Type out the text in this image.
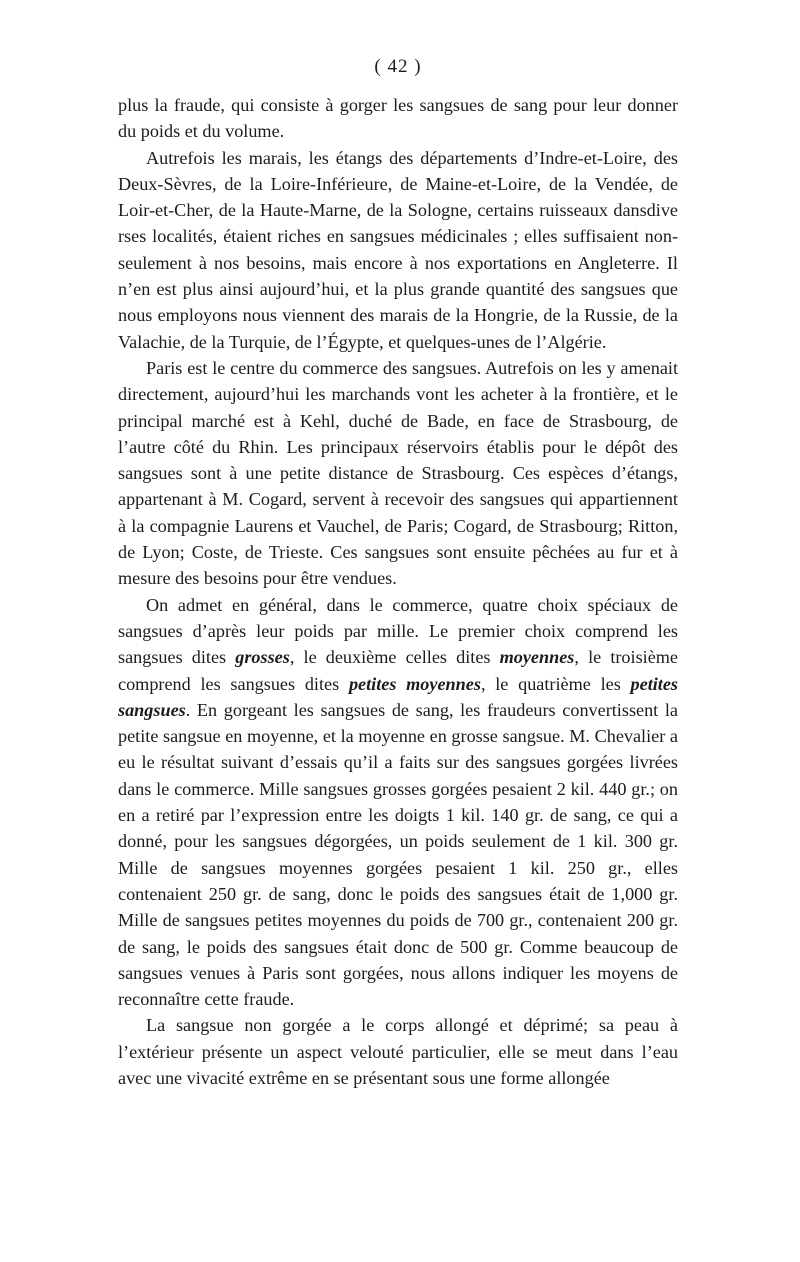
( 42 )

plus la fraude, qui consiste à gorger les sangsues de sang pour leur donner du poids et du volume.

Autrefois les marais, les étangs des départements d’Indre-et-Loire, des Deux-Sèvres, de la Loire-Inférieure, de Maine-et-Loire, de la Vendée, de Loir-et-Cher, de la Haute-Marne, de la Sologne, certains ruisseaux dansdive rses localités, étaient riches en sangsues médicinales ; elles suffisaient non-seulement à nos besoins, mais encore à nos exportations en Angleterre. Il n’en est plus ainsi aujourd’hui, et la plus grande quantité des sangsues que nous employons nous viennent des marais de la Hongrie, de la Russie, de la Valachie, de la Turquie, de l’Égypte, et quelques-unes de l’Algérie.

Paris est le centre du commerce des sangsues. Autrefois on les y amenait directement, aujourd’hui les marchands vont les acheter à la frontière, et le principal marché est à Kehl, duché de Bade, en face de Strasbourg, de l’autre côté du Rhin. Les principaux réservoirs établis pour le dépôt des sangsues sont à une petite distance de Strasbourg. Ces espèces d’étangs, appartenant à M. Cogard, servent à recevoir des sangsues qui appartiennent à la compagnie Laurens et Vauchel, de Paris; Cogard, de Strasbourg; Ritton, de Lyon; Coste, de Trieste. Ces sangsues sont ensuite pêchées au fur et à mesure des besoins pour être vendues.

On admet en général, dans le commerce, quatre choix spéciaux de sangsues d’après leur poids par mille. Le premier choix comprend les sangsues dites grosses, le deuxième celles dites moyennes, le troisième comprend les sangsues dites petites moyennes, le quatrième les petites sangsues. En gorgeant les sangsues de sang, les fraudeurs convertissent la petite sangsue en moyenne, et la moyenne en grosse sangsue. M. Chevalier a eu le résultat suivant d’essais qu’il a faits sur des sangsues gorgées livrées dans le commerce. Mille sangsues grosses gorgées pesaient 2 kil. 440 gr.; on en a retiré par l’expression entre les doigts 1 kil. 140 gr. de sang, ce qui a donné, pour les sangsues dégorgées, un poids seulement de 1 kil. 300 gr. Mille de sangsues moyennes gorgées pesaient 1 kil. 250 gr., elles contenaient 250 gr. de sang, donc le poids des sangsues était de 1,000 gr. Mille de sangsues petites moyennes du poids de 700 gr., contenaient 200 gr. de sang, le poids des sangsues était donc de 500 gr. Comme beaucoup de sangsues venues à Paris sont gorgées, nous allons indiquer les moyens de reconnaître cette fraude.

La sangsue non gorgée a le corps allongé et déprimé; sa peau à l’extérieur présente un aspect velouté particulier, elle se meut dans l’eau avec une vivacité extrême en se présentant sous une forme allongée
